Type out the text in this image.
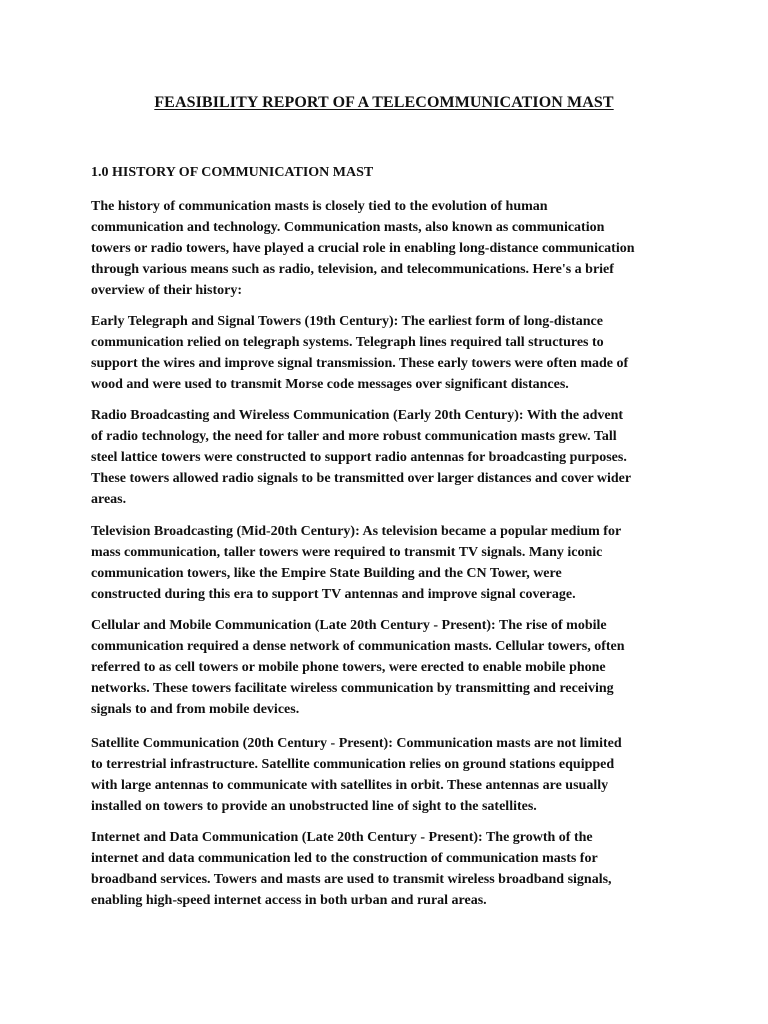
FEASIBILITY REPORT OF A TELECOMMUNICATION MAST
1.0 HISTORY OF COMMUNICATION MAST

The history of communication masts is closely tied to the evolution of human
communication and technology. Communication masts, also known as communication
towers or radio towers, have played a crucial role in enabling long-distance communication
through various means such as radio, television, and telecommunications. Here's a brief
overview of their history:

Early Telegraph and Signal Towers (19th Century): The earliest form of long-distance
communication relied on telegraph systems. Telegraph lines required tall structures to
support the wires and improve signal transmission. These early towers were often made of
wood and were used to transmit Morse code messages over significant distances.

Radio Broadcasting and Wireless Communication (Early 20th Century): With the advent
of radio technology, the need for taller and more robust communication masts grew. Tall
steel lattice towers were constructed to support radio antennas for broadcasting purposes.
These towers allowed radio signals to be transmitted over larger distances and cover wider
areas.

Television Broadcasting (Mid-20th Century): As television became a popular medium for
mass communication, taller towers were required to transmit TV signals. Many iconic
communication towers, like the Empire State Building and the CN Tower, were
constructed during this era to support TV antennas and improve signal coverage.

Cellular and Mobile Communication (Late 20th Century - Present): The rise of mobile
communication required a dense network of communication masts. Cellular towers, often
referred to as cell towers or mobile phone towers, were erected to enable mobile phone
networks. These towers facilitate wireless communication by transmitting and receiving
signals to and from mobile devices.

Satellite Communication (20th Century - Present): Communication masts are not limited
to terrestrial infrastructure. Satellite communication relies on ground stations equipped
with large antennas to communicate with satellites in orbit. These antennas are usually
installed on towers to provide an unobstructed line of sight to the satellites.

Internet and Data Communication (Late 20th Century - Present): The growth of the
internet and data communication led to the construction of communication masts for
broadband services. Towers and masts are used to transmit wireless broadband signals,
enabling high-speed internet access in both urban and rural areas.
